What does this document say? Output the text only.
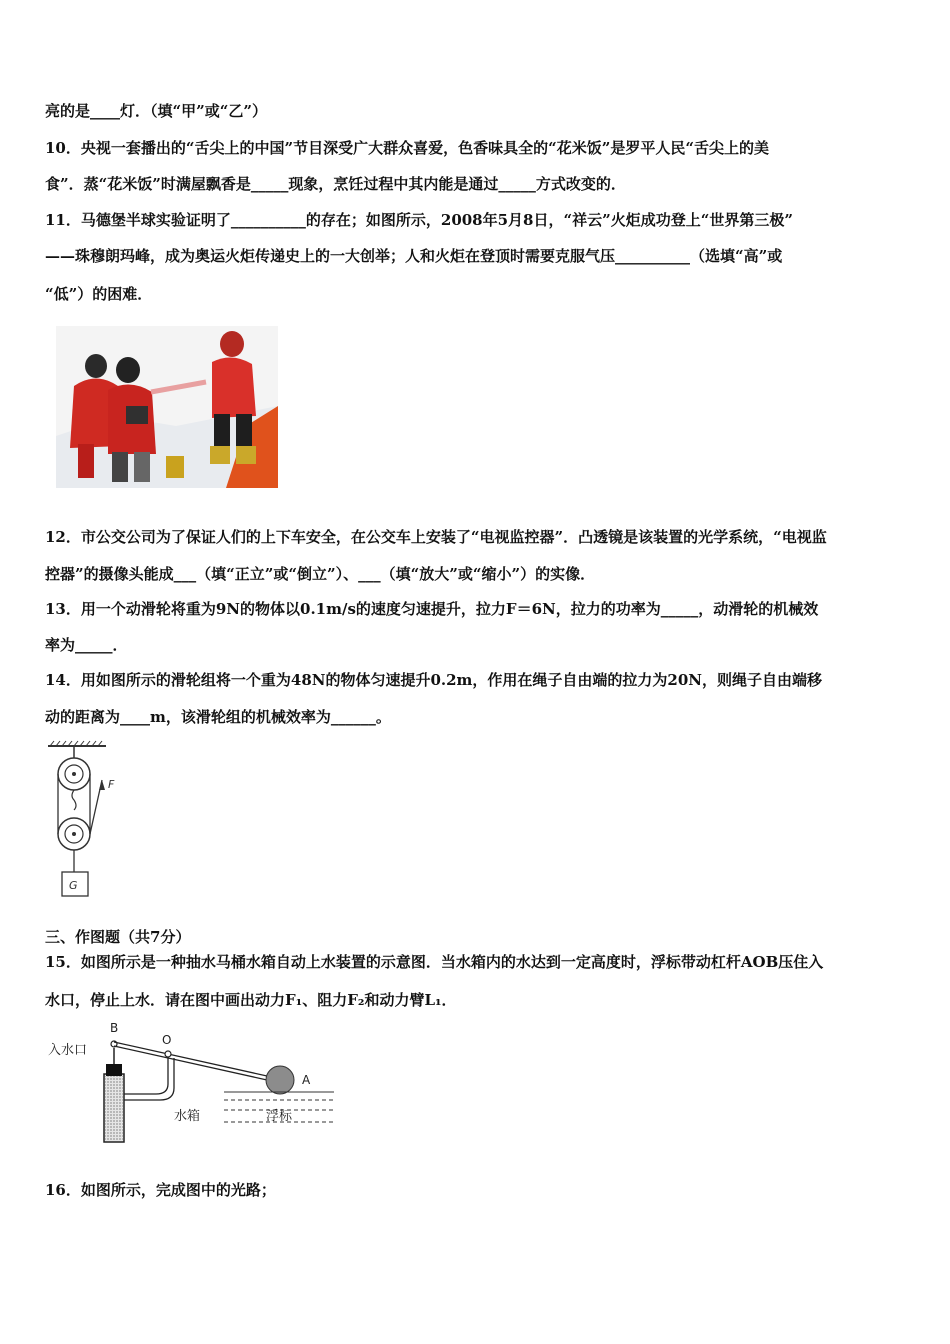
亮的是____灯．（填“甲”或“乙”）
10．央视一套播出的“舌尖上的中国”节目深受广大群众喜爱，色香味具全的“花米饭”是罗平人民“舌尖上的美
食”．蒸“花米饭”时满屋飘香是_____现象，烹饪过程中其内能是通过_____方式改变的．
11．马德堡半球实验证明了__________的存在；如图所示，2008年5月8日，“祥云”火炬成功登上“世界第三极”
——珠穆朗玛峰，成为奥运火炬传递史上的一大创举；人和火炬在登顶时需要克服气压__________（选填“高”或
“低”）的困难．
12．市公交公司为了保证人们的上下车安全，在公交车上安装了“电视监控器”．凸透镜是该装置的光学系统，“电视监
控器”的摄像头能成___（填“正立”或“倒立”）、___（填“放大”或“缩小”）的实像．
13．用一个动滑轮将重为9N的物体以0.1m/s的速度匀速提升，拉力F＝6N，拉力的功率为_____，动滑轮的机械效
率为_____．
14．用如图所示的滑轮组将一个重为48N的物体匀速提升0.2m，作用在绳子自由端的拉力为20N，则绳子自由端移
动的距离为____m，该滑轮组的机械效率为______。
F
G
三、作图题（共7分）
15．如图所示是一种抽水马桶水箱自动上水装置的示意图．当水箱内的水达到一定高度时，浮标带动杠杆AOB压住入
水口，停止上水．请在图中画出动力F₁、阻力F₂和动力臂L₁．
B
O
A
入水口
水箱	浮标
16．如图所示，完成图中的光路；
